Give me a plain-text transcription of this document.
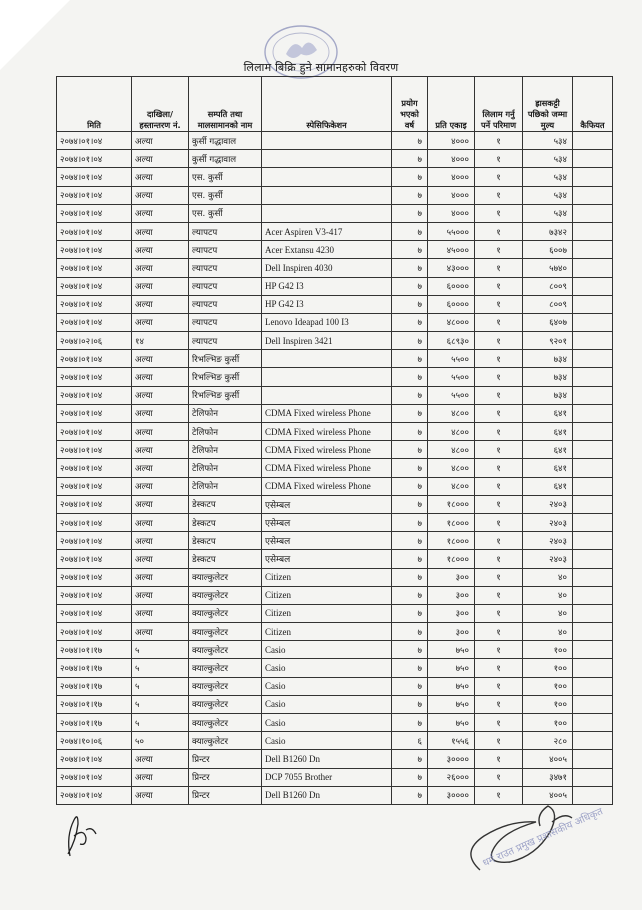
लिलाम बिक्रि हुने सामानहरुको विवरण
मिति	दाखिला/ हस्तान्तरण नं.	सम्पति तथा मालसामानको नाम	स्पेसिफिकेशन	प्रयोग भएको वर्ष	प्रति एकाइ	लिलाम गर्नु पर्ने परिमाण	ह्रासकट्टी पछिको जम्मा मुल्य	कैफियत
२०७४।०१।०४	अल्या	कुर्सी गद्धावाल		७	४०००	१	५३४	
२०७४।०१।०४	अल्या	कुर्सी गद्धावाल		७	४०००	१	५३४	
२०७४।०१।०४	अल्या	एस. कुर्सी		७	४०००	१	५३४	
२०७४।०१।०४	अल्या	एस. कुर्सी		७	४०००	१	५३४	
२०७४।०१।०४	अल्या	एस. कुर्सी		७	४०००	१	५३४	
२०७४।०१।०४	अल्या	ल्यापटप	Acer Aspiren V3-417	७	५५०००	१	७३४२	
२०७४।०१।०४	अल्या	ल्यापटप	Acer Extansu 4230	७	४५०००	१	६००७	
२०७४।०१।०४	अल्या	ल्यापटप	Dell Inspiren 4030	७	४३०००	१	५७४०	
२०७४।०१।०४	अल्या	ल्यापटप	HP G42 I3	७	६००००	१	८००९	
२०७४।०१।०४	अल्या	ल्यापटप	HP G42 I3	७	६००००	१	८००९	
२०७४।०१।०४	अल्या	ल्यापटप	Lenovo Ideapad 100 I3	७	४८०००	१	६४०७	
२०७४।०२।०६	१४	ल्यापटप	Dell Inspiren 3421	७	६८९३०	१	९२०१	
२०७४।०१।०४	अल्या	रिभल्भिङ कुर्सी		७	५५००	१	७३४	
२०७४।०१।०४	अल्या	रिभल्भिङ कुर्सी		७	५५००	१	७३४	
२०७४।०१।०४	अल्या	रिभल्भिङ कुर्सी		७	५५००	१	७३४	
२०७४।०१।०४	अल्या	टेलिफोन	CDMA Fixed wireless Phone	७	४८००	१	६४१	
२०७४।०१।०४	अल्या	टेलिफोन	CDMA Fixed wireless Phone	७	४८००	१	६४१	
२०७४।०१।०४	अल्या	टेलिफोन	CDMA Fixed wireless Phone	७	४८००	१	६४१	
२०७४।०१।०४	अल्या	टेलिफोन	CDMA Fixed wireless Phone	७	४८००	१	६४१	
२०७४।०१।०४	अल्या	टेलिफोन	CDMA Fixed wireless Phone	७	४८००	१	६४१	
२०७४।०१।०४	अल्या	डेस्कटप	एसेम्बल	७	१८०००	१	२४०३	
२०७४।०१।०४	अल्या	डेस्कटप	एसेम्बल	७	१८०००	१	२४०३	
२०७४।०१।०४	अल्या	डेस्कटप	एसेम्बल	७	१८०००	१	२४०३	
२०७४।०१।०४	अल्या	डेस्कटप	एसेम्बल	७	१८०००	१	२४०३	
२०७४।०१।०४	अल्या	क्याल्कुलेटर	Citizen	७	३००	१	४०	
२०७४।०१।०४	अल्या	क्याल्कुलेटर	Citizen	७	३००	१	४०	
२०७४।०१।०४	अल्या	क्याल्कुलेटर	Citizen	७	३००	१	४०	
२०७४।०१।०४	अल्या	क्याल्कुलेटर	Citizen	७	३००	१	४०	
२०७४।०१।१७	५	क्याल्कुलेटर	Casio	७	७५०	१	१००	
२०७४।०१।१७	५	क्याल्कुलेटर	Casio	७	७५०	१	१००	
२०७४।०१।१७	५	क्याल्कुलेटर	Casio	७	७५०	१	१००	
२०७४।०१।१७	५	क्याल्कुलेटर	Casio	७	७५०	१	१००	
२०७४।०१।१७	५	क्याल्कुलेटर	Casio	७	७५०	१	१००	
२०७४।१०।०६	५०	क्याल्कुलेटर	Casio	६	१५५६	१	२८०	
२०७४।०१।०४	अल्या	प्रिन्टर	Dell B1260 Dn	७	३००००	१	४००५	
२०७४।०१।०४	अल्या	प्रिन्टर	DCP 7055 Brother	७	२६०००	१	३४७१	
२०७४।०१।०४	अल्या	प्रिन्टर	Dell B1260 Dn	७	३००००	१	४००५	
धर्म राउत प्रमुख प्रशासकीय अधिकृत
